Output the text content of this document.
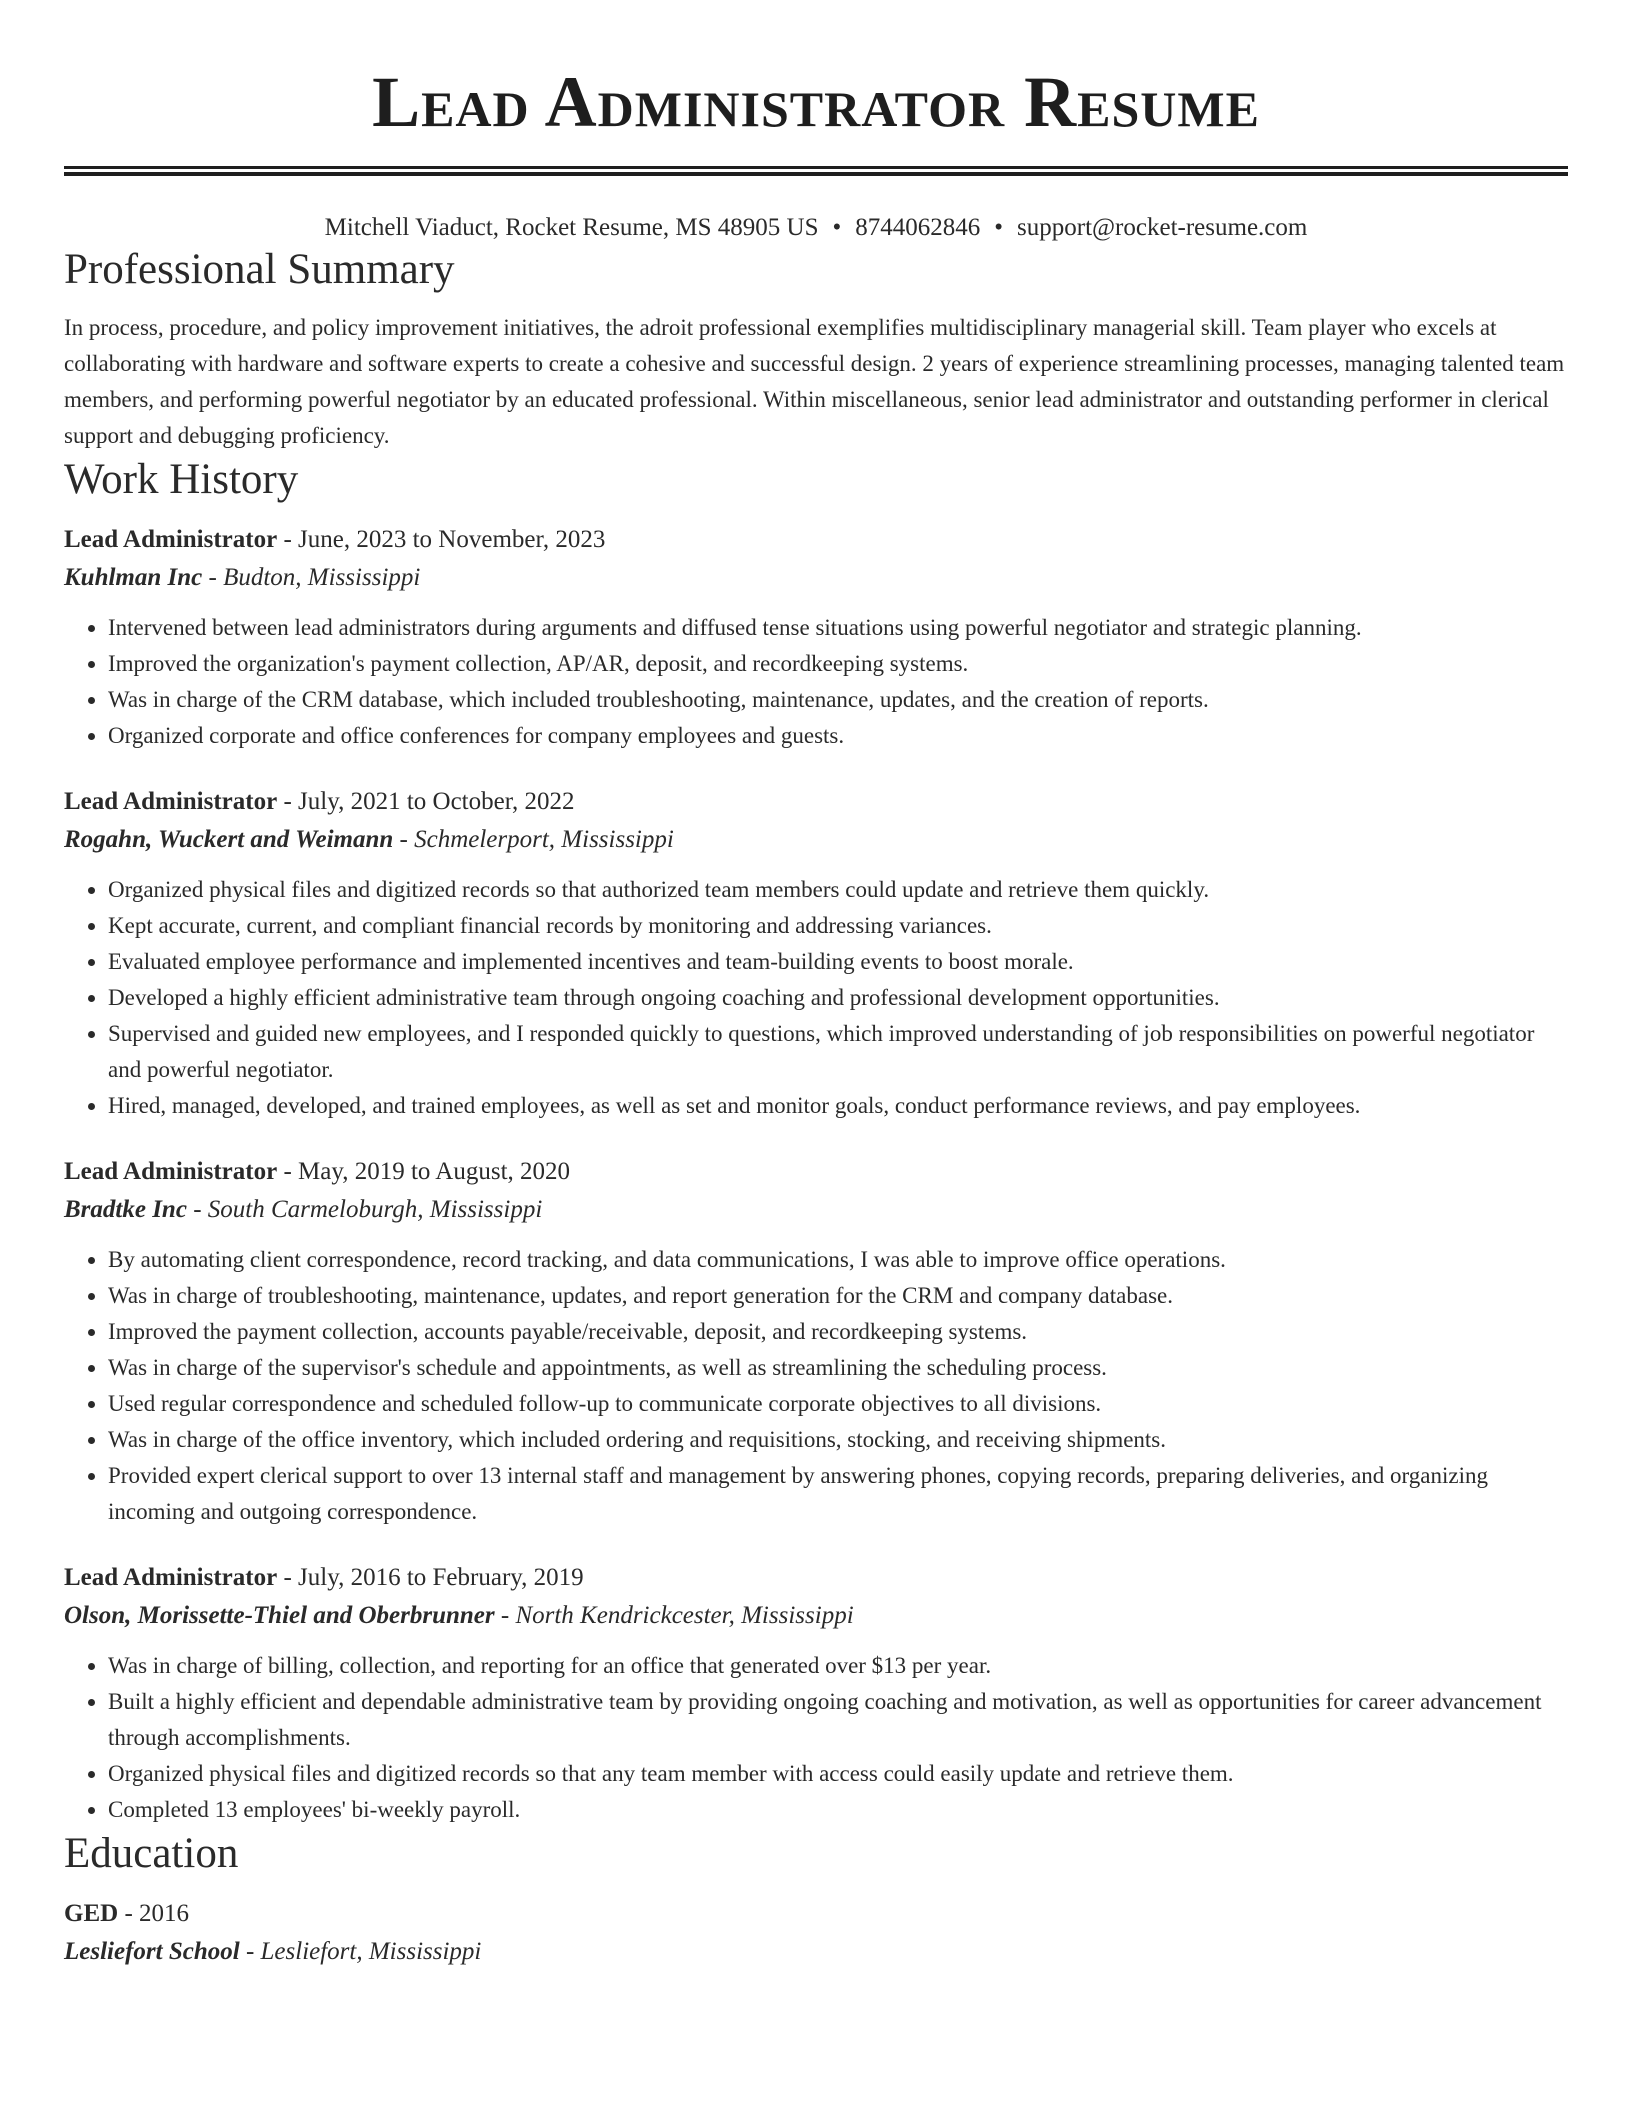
Lead Administrator Resume
Mitchell Viaduct, Rocket Resume, MS 48905 US • 8744062846 • support@rocket-resume.com
Professional Summary

In process, procedure, and policy improvement initiatives, the adroit professional exemplifies multidisciplinary managerial skill. Team player who excels at collaborating with hardware and software experts to create a cohesive and successful design. 2 years of experience streamlining processes, managing talented team members, and performing powerful negotiator by an educated professional. Within miscellaneous, senior lead administrator and outstanding performer in clerical support and debugging proficiency.

Work History
Lead Administrator - June, 2023 to November, 2023
Kuhlman Inc - Budton, Mississippi
• Intervened between lead administrators during arguments and diffused tense situations using powerful negotiator and strategic planning.
• Improved the organization's payment collection, AP/AR, deposit, and recordkeeping systems.
• Was in charge of the CRM database, which included troubleshooting, maintenance, updates, and the creation of reports.
• Organized corporate and office conferences for company employees and guests.
Lead Administrator - July, 2021 to October, 2022
Rogahn, Wuckert and Weimann - Schmelerport, Mississippi
• Organized physical files and digitized records so that authorized team members could update and retrieve them quickly.
• Kept accurate, current, and compliant financial records by monitoring and addressing variances.
• Evaluated employee performance and implemented incentives and team-building events to boost morale.
• Developed a highly efficient administrative team through ongoing coaching and professional development opportunities.
• Supervised and guided new employees, and I responded quickly to questions, which improved understanding of job responsibilities on powerful negotiator and powerful negotiator.
• Hired, managed, developed, and trained employees, as well as set and monitor goals, conduct performance reviews, and pay employees.
Lead Administrator - May, 2019 to August, 2020
Bradtke Inc - South Carmeloburgh, Mississippi
• By automating client correspondence, record tracking, and data communications, I was able to improve office operations.
• Was in charge of troubleshooting, maintenance, updates, and report generation for the CRM and company database.
• Improved the payment collection, accounts payable/receivable, deposit, and recordkeeping systems.
• Was in charge of the supervisor's schedule and appointments, as well as streamlining the scheduling process.
• Used regular correspondence and scheduled follow-up to communicate corporate objectives to all divisions.
• Was in charge of the office inventory, which included ordering and requisitions, stocking, and receiving shipments.
• Provided expert clerical support to over 13 internal staff and management by answering phones, copying records, preparing deliveries, and organizing incoming and outgoing correspondence.
Lead Administrator - July, 2016 to February, 2019
Olson, Morissette-Thiel and Oberbrunner - North Kendrickcester, Mississippi
• Was in charge of billing, collection, and reporting for an office that generated over $13 per year.
• Built a highly efficient and dependable administrative team by providing ongoing coaching and motivation, as well as opportunities for career advancement through accomplishments.
• Organized physical files and digitized records so that any team member with access could easily update and retrieve them.
• Completed 13 employees' bi-weekly payroll.
Education
GED - 2016
Lesliefort School - Lesliefort, Mississippi
